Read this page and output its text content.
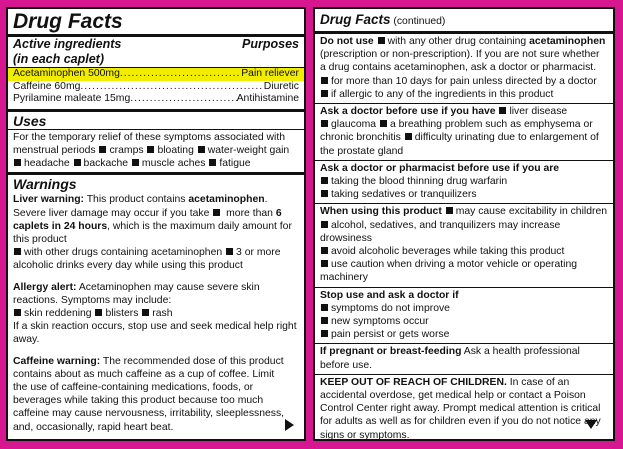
Drug Facts
Active ingredients	Purposes
(in each caplet)
Acetaminophen 500mg .....	Pain reliever
Caffeine 60mg .....	Diuretic
Pyrilamine maleate 15mg .....	Antihistamine
Uses
For the temporary relief of these symptoms associated with menstrual periods cramps bloating water-weight gain
headache backache muscle aches fatigue
Warnings
Liver warning: This product contains acetaminophen. Severe liver damage may occur if you take  more than 6 caplets in 24 hours, which is the maximum daily amount for this product
with other drugs containing acetaminophen 3 or more alcoholic drinks every day while using this product
Allergy alert: Acetaminophen may cause severe skin reactions. Symptoms may include:
skin reddening blisters rash
If a skin reaction occurs, stop use and seek medical help right away.
Caffeine warning: The recommended dose of this product contains about as much caffeine as a cup of coffee. Limit the use of caffeine-containing medications, foods, or beverages while taking this product because too much caffeine may cause nervousness, irritability, sleeplessness, and, occasionally, rapid heart beat.
Drug Facts (continued)
Do not use with any other drug containing acetaminophen (prescription or non-prescription). If you are not sure whether a drug contains acetaminophen, ask a doctor or pharmacist.
for more than 10 days for pain unless directed by a doctor
if allergic to any of the ingredients in this product
Ask a doctor before use if you have liver disease
glaucoma a breathing problem such as emphysema or chronic bronchitis difficulty urinating due to enlargement of the prostate gland
Ask a doctor or pharmacist before use if you are
taking the blood thinning drug warfarin
taking sedatives or tranquilizers
When using this product may cause excitability in children
alcohol, sedatives, and tranquilizers may increase drowsiness
avoid alcoholic beverages while taking this product
use caution when driving a motor vehicle or operating machinery
Stop use and ask a doctor if
symptoms do not improve
new symptoms occur
pain persist or gets worse
If pregnant or breast-feeding Ask a health professional before use.
KEEP OUT OF REACH OF CHILDREN. In case of an accidental overdose, get medical help or contact a Poison Control Center right away. Prompt medical attention is critical for adults as well as for children even if you do not notice any signs or symptoms.
